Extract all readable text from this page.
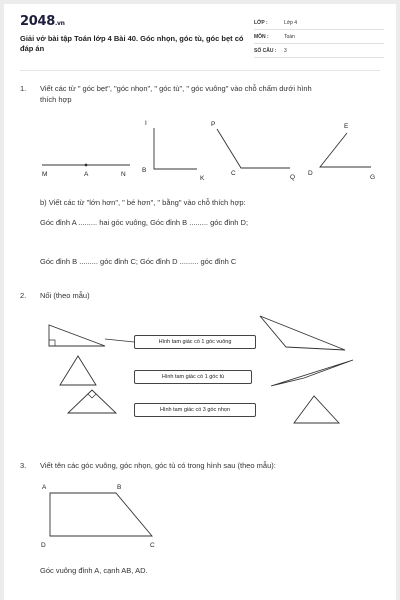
2048.vn
Giải vở bài tập Toán lớp 4 Bài 40. Góc nhọn, góc tù, góc bẹt có đáp án
LỚP :	Lớp 4
MÔN :	Toán
SỐ CÂU : 3
1. Viết các từ " góc bẹt", "góc nhọn", " góc tù", " góc vuông" vào chỗ chấm dưới hình
thích hợp
M	A	N
I
B
K
P
C
Q
E
D
G
b) Viết các từ "lớn hơn", " bé hơn", " bằng" vào chỗ thích hợp:
Góc đỉnh A ......... hai góc vuông, Góc đỉnh B ......... góc đỉnh D;
Góc đỉnh B ......... góc đỉnh C; Góc đỉnh D ......... góc đỉnh C
2. Nối (theo mẫu)
Hình tam giác có 1 góc vuông
Hình tam giác có 1 góc tù
Hình tam giác có 3 góc nhọn
3. Viết tên các góc vuông, góc nhọn, góc tù có trong hình sau (theo mẫu):
A	B
C
D
Góc vuông đỉnh A, cạnh AB, AD.
